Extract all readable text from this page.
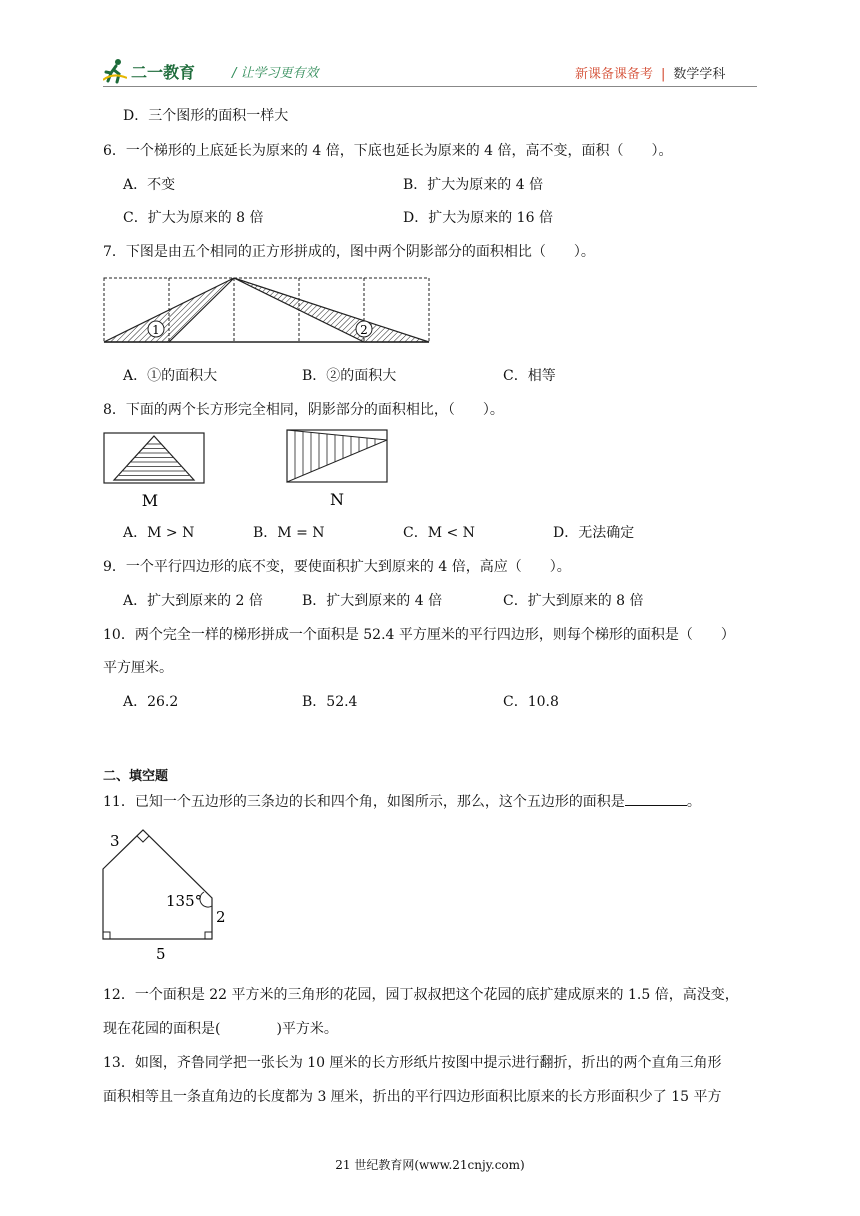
二一教育	/ 让学习更有效	新课备课备考 | 数学学科
D．三个图形的面积一样大
6．一个梯形的上底延长为原来的 4 倍，下底也延长为原来的 4 倍，高不变，面积（　　）。
A．不变	B．扩大为原来的 4 倍
C．扩大为原来的 8 倍	D．扩大为原来的 16 倍
7．下图是由五个相同的正方形拼成的，图中两个阴影部分的面积相比（　　）。
1	2
A．①的面积大	B．②的面积大	C．相等
8．下面的两个长方形完全相同，阴影部分的面积相比，（　　）。
M	N
A．M > N	B．M = N	C．M < N	D．无法确定
9．一个平行四边形的底不变，要使面积扩大到原来的 4 倍，高应（　　）。
A．扩大到原来的 2 倍	B．扩大到原来的 4 倍	C．扩大到原来的 8 倍
10．两个完全一样的梯形拼成一个面积是 52.4 平方厘米的平行四边形，则每个梯形的面积是（　　）
平方厘米。
A．26.2	B．52.4	C．10.8
二、填空题
11．已知一个五边形的三条边的长和四个角，如图所示，那么，这个五边形的面积是	。
3
135°
2
5
12．一个面积是 22 平方米的三角形的花园，园丁叔叔把这个花园的底扩建成原来的 1.5 倍，高没变，
现在花园的面积是(　　　　)平方米。
13．如图，齐鲁同学把一张长为 10 厘米的长方形纸片按图中提示进行翻折，折出的两个直角三角形
面积相等且一条直角边的长度都为 3 厘米，折出的平行四边形面积比原来的长方形面积少了 15 平方
21 世纪教育网(www.21cnjy.com)
